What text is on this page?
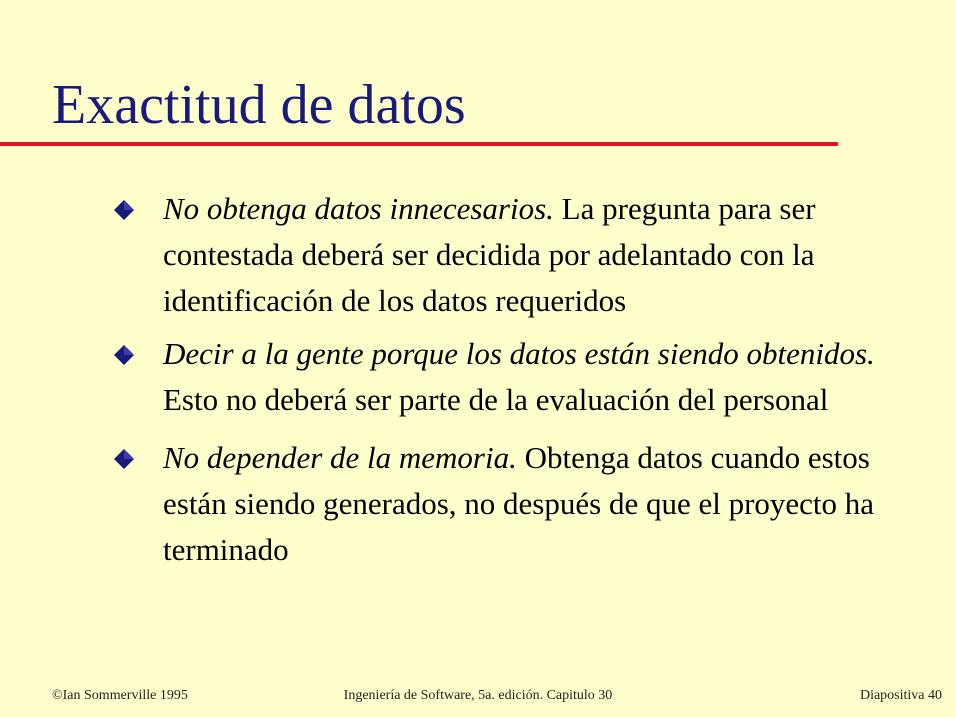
Exactitud de datos
No obtenga datos innecesarios. La pregunta para ser contestada deberá ser decidida por adelantado con la identificación de los datos requeridos
Decir a la gente porque los datos están siendo obtenidos. Esto no deberá ser parte de la evaluación del personal
No depender de la memoria. Obtenga datos cuando estos están siendo generados, no después de que el proyecto ha terminado
Ingeniería de Software, 5a. edición. Capitulo 30
©Ian Sommerville 1995	Diapositiva 40
